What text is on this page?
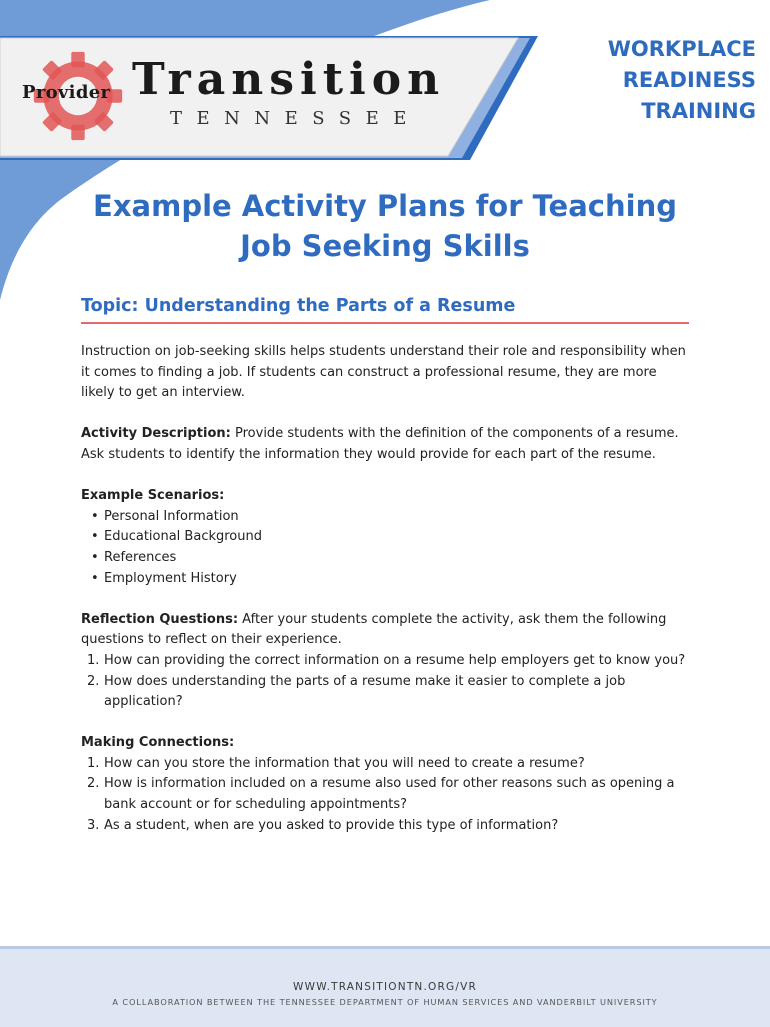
Provider Transition
TENNESSEE
WORKPLACE
READINESS
TRAINING
Example Activity Plans for Teaching
Job Seeking Skills
Topic: Understanding the Parts of a Resume

Instruction on job-seeking skills helps students understand their role and responsibility when it comes to finding a job. If students can construct a professional resume, they are more likely to get an interview.

Activity Description: Provide students with the definition of the components of a resume. Ask students to identify the information they would provide for each part of the resume.

Example Scenarios:

• Personal Information
• Educational Background
• References
• Employment History

Reflection Questions: After your students complete the activity, ask them the following questions to reflect on their experience.

1. How can providing the correct information on a resume help employers get to know you?
2. How does understanding the parts of a resume make it easier to complete a job application?

Making Connections:

1. How can you store the information that you will need to create a resume?
2. How is information included on a resume also used for other reasons such as opening a bank account or for scheduling appointments?
3. As a student, when are you asked to provide this type of information?
WWW.TRANSITIONTN.ORG/VR
A COLLABORATION BETWEEN THE TENNESSEE DEPARTMENT OF HUMAN SERVICES AND VANDERBILT UNIVERSITY
